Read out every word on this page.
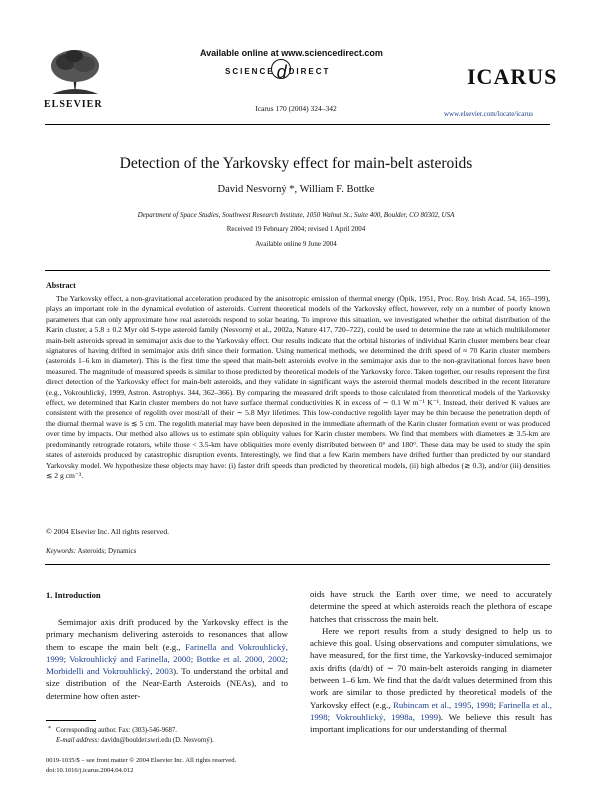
ELSEVIER
Available online at www.sciencedirect.com
SCIENCE d DIRECT
Icarus 170 (2004) 324–342
ICARUS
www.elsevier.com/locate/icarus
Detection of the Yarkovsky effect for main-belt asteroids
David Nesvorný *, William F. Bottke
Department of Space Studies, Southwest Research Institute, 1050 Walnut St., Suite 400, Boulder, CO 80302, USA
Received 19 February 2004; revised 1 April 2004
Available online 9 June 2004
Abstract
The Yarkovsky effect, a non-gravitational acceleration produced by the anisotropic emission of thermal energy (Öpik, 1951, Proc. Roy. Irish Acad. 54, 165–199), plays an important role in the dynamical evolution of asteroids. Current theoretical models of the Yarkovsky effect, however, rely on a number of poorly known parameters that can only approximate how real asteroids respond to solar heating. To improve this situation, we investigated whether the orbital distribution of the Karin cluster, a 5.8 ± 0.2 Myr old S-type asteroid family (Nesvorný et al., 2002a, Nature 417, 720–722), could be used to determine the rate at which multikilometer main-belt asteroids spread in semimajor axis due to the Yarkovsky effect. Our results indicate that the orbital histories of individual Karin cluster members bear clear signatures of having drifted in semimajor axis drift since their formation. Using numerical methods, we determined the drift speed of ≈ 70 Karin cluster members (asteroids 1–6 km in diameter). This is the first time the speed that main-belt asteroids evolve in the semimajor axis due to the non-gravitational forces have been measured. The magnitude of measured speeds is similar to those predicted by theoretical models of the Yarkovsky force. Taken together, our results represent the first direct detection of the Yarkovsky effect for main-belt asteroids, and they validate in significant ways the asteroid thermal models described in the recent literature (e.g., Vokrouhlický, 1999, Astron. Astrophys. 344, 362–366). By comparing the measured drift speeds to those calculated from theoretical models of the Yarkovsky effect, we determined that Karin cluster members do not have surface thermal conductivities K in excess of ∼ 0.1 W m⁻¹ K⁻¹. Instead, their derived K values are consistent with the presence of regolith over most/all of their ∼ 5.8 Myr lifetimes. This low-conductive regolith layer may be thin because the penetration depth of the diurnal thermal wave is ≲ 5 cm. The regolith material may have been deposited in the immediate aftermath of the Karin cluster formation event or was produced over time by impacts. Our method also allows us to estimate spin obliquity values for Karin cluster members. We find that members with diameters ≳ 3.5-km are predominantly retrograde rotators, while those < 3.5-km have obliquities more evenly distributed between 0° and 180°. These data may be used to study the spin states of asteroids produced by catastrophic disruption events. Interestingly, we find that a few Karin members have drifted further than predicted by our standard Yarkovsky model. We hypothesize these objects may have: (i) faster drift speeds than predicted by theoretical models, (ii) high albedos (≳ 0.3), and/or (iii) densities ≲ 2 g cm⁻³.
© 2004 Elsevier Inc. All rights reserved.
Keywords: Asteroids; Dynamics
1. Introduction
Semimajor axis drift produced by the Yarkovsky effect is the primary mechanism delivering asteroids to resonances that allow them to escape the main belt (e.g., Farinella and Vokrouhlický, 1999; Vokrouhlický and Farinella, 2000; Bottke et al. 2000, 2002; Morbidelli and Vokrouhlický, 2003). To understand the orbital and size distribution of the Near-Earth Asteroids (NEAs), and to determine how often aster-
oids have struck the Earth over time, we need to accurately determine the speed at which asteroids reach the plethora of escape hatches that crisscross the main belt.
Here we report results from a study designed to help us to achieve this goal. Using observations and computer simulations, we have measured, for the first time, the Yarkovsky-induced semimajor axis drifts (da/dt) of ∼ 70 main-belt asteroids ranging in diameter between 1–6 km. We find that the da/dt values determined from this work are similar to those predicted by theoretical models of the Yarkovsky effect (e.g., Rubincam et al., 1995, 1998; Farinella et al., 1998; Vokrouhlický, 1998a, 1999). We believe this result has important implications for our understanding of thermal
* Corresponding author. Fax: (303)-546-9687.
E-mail address: davidn@boulder.swri.edu (D. Nesvorný).
0019-1035/$ – see front matter © 2004 Elsevier Inc. All rights reserved.
doi:10.1016/j.icarus.2004.04.012
